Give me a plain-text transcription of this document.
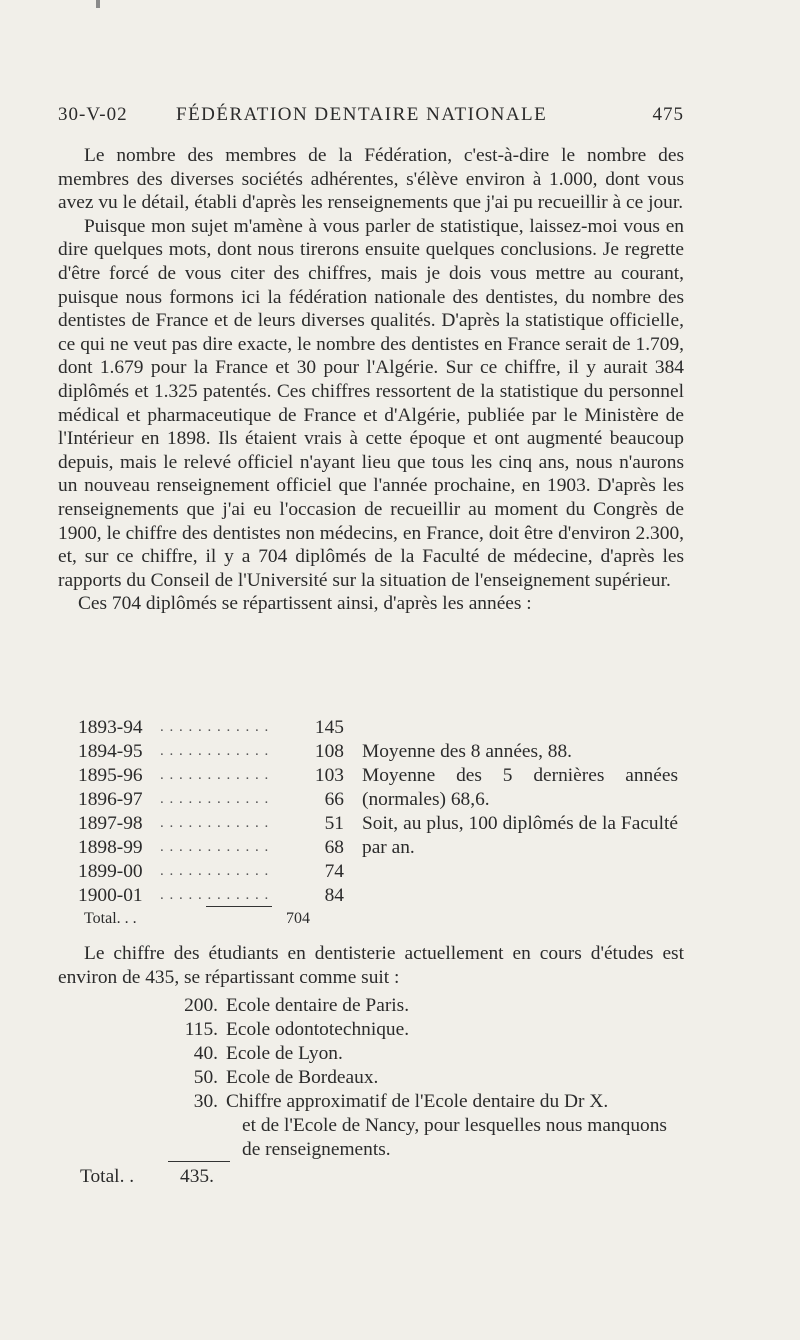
30-V-02	FÉDÉRATION DENTAIRE NATIONALE	475

Le nombre des membres de la Fédération, c'est-à-dire le nombre des membres des diverses sociétés adhérentes, s'élève environ à 1.000, dont vous avez vu le détail, établi d'après les renseignements que j'ai pu recueillir à ce jour.

Puisque mon sujet m'amène à vous parler de statistique, laissez-moi vous en dire quelques mots, dont nous tirerons ensuite quelques conclusions. Je regrette d'être forcé de vous citer des chiffres, mais je dois vous mettre au courant, puisque nous formons ici la fédération nationale des dentistes, du nombre des dentistes de France et de leurs diverses qualités. D'après la statistique officielle, ce qui ne veut pas dire exacte, le nombre des dentistes en France serait de 1.709, dont 1.679 pour la France et 30 pour l'Algérie. Sur ce chiffre, il y aurait 384 diplômés et 1.325 patentés. Ces chiffres ressortent de la statistique du personnel médical et pharmaceutique de France et d'Algérie, publiée par le Ministère de l'Intérieur en 1898. Ils étaient vrais à cette époque et ont augmenté beaucoup depuis, mais le relevé officiel n'ayant lieu que tous les cinq ans, nous n'aurons un nouveau renseignement officiel que l'année prochaine, en 1903. D'après les renseignements que j'ai eu l'occasion de recueillir au moment du Congrès de 1900, le chiffre des dentistes non médecins, en France, doit être d'environ 2.300, et, sur ce chiffre, il y a 704 diplômés de la Faculté de médecine, d'après les rapports du Conseil de l'Université sur la situation de l'enseignement supérieur.

Ces 704 diplômés se répartissent ainsi, d'après les années :

1893-94 . . . . . . . . . . . . 145
1894-95 . . . . . . . . . . . . 108
1895-96 . . . . . . . . . . . . 103
1896-97 . . . . . . . . . . . .	66
1897-98 . . . . . . . . . . . .	51
1898-99 . . . . . . . . . . . .	68
1899-00 . . . . . . . . . . . .	74
1900-01 . . . . . . . . . . . .	84
Moyenne des 8 années, 88.
Moyenne des 5 dernières années (normales) 68,6.
Soit, au plus, 100 diplômés de la Faculté par an.
Total. . .	704

Le chiffre des étudiants en dentisterie actuellement en cours d'études est environ de 435, se répartissant comme suit :

200. Ecole dentaire de Paris.
115. Ecole odontotechnique.
40. Ecole de Lyon.
50. Ecole de Bordeaux.
30. Chiffre approximatif de l'Ecole dentaire du Dr X.
et de l'Ecole de Nancy, pour lesquelles nous manquons de renseignements.
Total. . 435.
